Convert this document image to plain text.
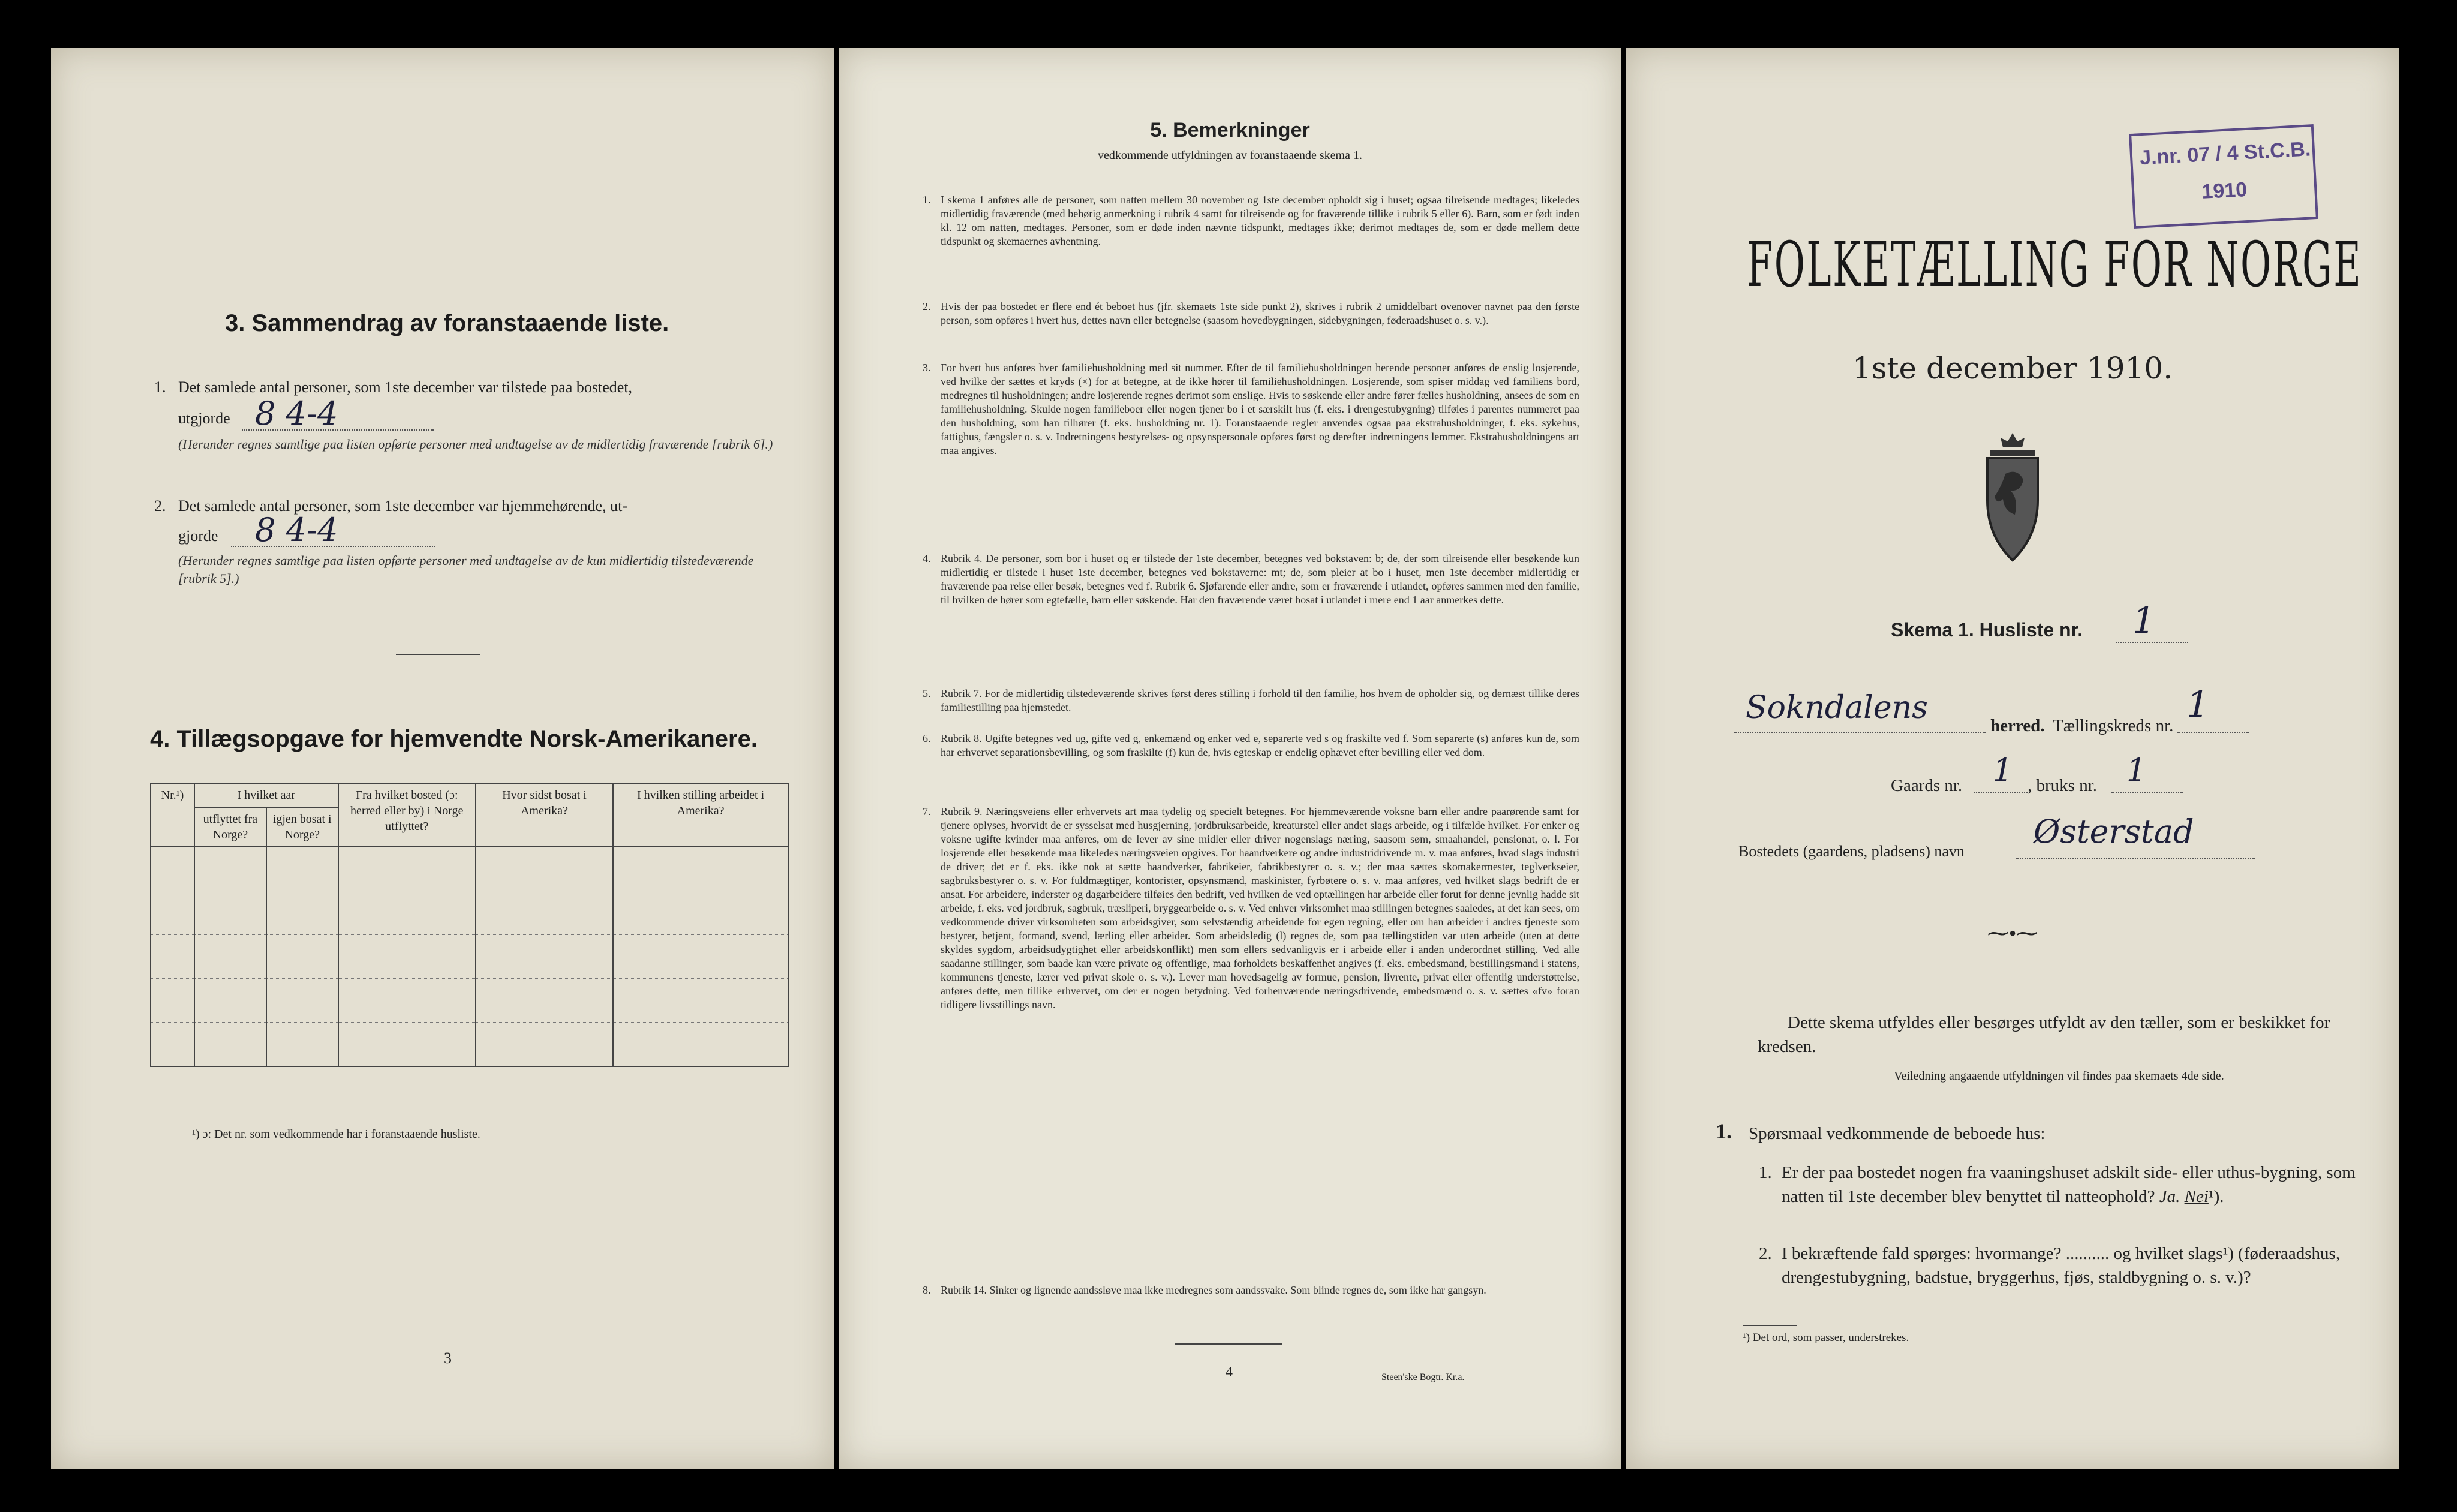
3. Sammendrag av foranstaaende liste.
1. Det samlede antal personer, som 1ste december var tilstede paa bostedet,
utgjorde 8 4-4
(Herunder regnes samtlige paa listen opførte personer med undtagelse av de midlertidig fraværende [rubrik 6].)
2. Det samlede antal personer, som 1ste december var hjemmehørende, ut-
gjorde 8 4-4
(Herunder regnes samtlige paa listen opførte personer med undtagelse av de kun midlertidig tilstedeværende [rubrik 5].)
4. Tillægsopgave for hjemvendte Norsk-Amerikanere.
Nr.¹)	I hvilket aar		Fra hvilket bosted (ɔ: herred eller by) i Norge utflyttet?	Hvor sidst bosat i Amerika?	I hvilken stilling arbeidet i Amerika?
	utflyttet fra Norge?	igjen bosat i Norge?			

¹) ɔ: Det nr. som vedkommende har i foranstaaende husliste.
3
5. Bemerkninger
vedkommende utfyldningen av foranstaaende skema 1.
1. I skema 1 anføres alle de personer, som natten mellem 30 november og 1ste december opholdt sig i huset; ogsaa tilreisende medtages; likeledes midlertidig fraværende (med behørig anmerkning i rubrik 4 samt for tilreisende og for fraværende tillike i rubrik 5 eller 6). Barn, som er født inden kl. 12 om natten, medtages. Personer, som er døde inden nævnte tidspunkt, medtages ikke; derimot medtages de, som er døde mellem dette tidspunkt og skemaernes avhentning.
2. Hvis der paa bostedet er flere end ét beboet hus (jfr. skemaets 1ste side punkt 2), skrives i rubrik 2 umiddelbart ovenover navnet paa den første person, som opføres i hvert hus, dettes navn eller betegnelse (saasom hovedbygningen, sidebygningen, føderaadshuset o. s. v.).
3. For hvert hus anføres hver familiehusholdning med sit nummer. Efter de til familiehusholdningen herende personer anføres de enslig losjerende, ved hvilke der sættes et kryds (×) for at betegne, at de ikke hører til familiehusholdningen. Losjerende, som spiser middag ved familiens bord, medregnes til husholdningen; andre losjerende regnes derimot som enslige. Hvis to søskende eller andre fører fælles husholdning, ansees de som en familiehusholdning. Skulde nogen familieboer eller nogen tjener bo i et særskilt hus (f. eks. i drengestubygning) tilføies i parentes nummeret paa den husholdning, som han tilhører (f. eks. husholdning nr. 1). Foranstaaende regler anvendes ogsaa paa ekstrahusholdninger, f. eks. sykehus, fattighus, fængsler o. s. v. Indretningens bestyrelses- og opsynspersonale opføres først og derefter indretningens lemmer. Ekstrahusholdningens art maa angives.
4. Rubrik 4. De personer, som bor i huset og er tilstede der 1ste december, betegnes ved bokstaven: b; de, der som tilreisende eller besøkende kun midlertidig er tilstede i huset 1ste december, betegnes ved bokstaverne: mt; de, som pleier at bo i huset, men 1ste december midlertidig er fraværende paa reise eller besøk, betegnes ved f. Rubrik 6. Sjøfarende eller andre, som er fraværende i utlandet, opføres sammen med den familie, til hvilken de hører som egtefælle, barn eller søskende. Har den fraværende været bosat i utlandet i mere end 1 aar anmerkes dette.
5. Rubrik 7. For de midlertidig tilstedeværende skrives først deres stilling i forhold til den familie, hos hvem de opholder sig, og dernæst tillike deres familiestilling paa hjemstedet.
6. Rubrik 8. Ugifte betegnes ved ug, gifte ved g, enkemænd og enker ved e, separerte ved s og fraskilte ved f. Som separerte (s) anføres kun de, som har erhvervet separationsbevilling, og som fraskilte (f) kun de, hvis egteskap er endelig ophævet efter bevilling eller ved dom.
7. Rubrik 9. Næringsveiens eller erhvervets art maa tydelig og specielt betegnes. For hjemmeværende voksne barn eller andre paarørende samt for tjenere oplyses, hvorvidt de er sysselsat med husgjerning, jordbruksarbeide, kreaturstel eller andet slags arbeide, og i tilfælde hvilket. For enker og voksne ugifte kvinder maa anføres, om de lever av sine midler eller driver nogenslags næring, saasom søm, smaahandel, pensionat, o. l. For losjerende eller besøkende maa likeledes næringsveien opgives. For haandverkere og andre industridrivende m. v. maa anføres, hvad slags industri de driver; det er f. eks. ikke nok at sætte haandverker, fabrikeier, fabrikbestyrer o. s. v.; der maa sættes skomakermester, teglverkseier, sagbruksbestyrer o. s. v. For fuldmægtiger, kontorister, opsynsmænd, maskinister, fyrbøtere o. s. v. maa anføres, ved hvilket slags bedrift de er ansat. For arbeidere, inderster og dagarbeidere tilføies den bedrift, ved hvilken de ved optællingen har arbeide eller forut for denne jevnlig hadde sit arbeide, f. eks. ved jordbruk, sagbruk, træsliperi, bryggearbeide o. s. v. Ved enhver virksomhet maa stillingen betegnes saaledes, at det kan sees, om vedkommende driver virksomheten som arbeidsgiver, som selvstændig arbeidende for egen regning, eller om han arbeider i andres tjeneste som bestyrer, betjent, formand, svend, lærling eller arbeider. Som arbeidsledig (l) regnes de, som paa tællingstiden var uten arbeide (uten at dette skyldes sygdom, arbeidsudygtighet eller arbeidskonflikt) men som ellers sedvanligvis er i arbeide eller i anden underordnet stilling. Ved alle saadanne stillinger, som baade kan være private og offentlige, maa forholdets beskaffenhet angives (f. eks. embedsmand, bestillingsmand i statens, kommunens tjeneste, lærer ved privat skole o. s. v.). Lever man hovedsagelig av formue, pension, livrente, privat eller offentlig understøttelse, anføres dette, men tillike erhvervet, om der er nogen betydning. Ved forhenværende næringsdrivende, embedsmænd o. s. v. sættes «fv» foran tidligere livsstillings navn.
8. Rubrik 14. Sinker og lignende aandssløve maa ikke medregnes som aandssvake. Som blinde regnes de, som ikke har gangsyn.
4	Steen'ske Bogtr. Kr.a.
J.nr. 07 / 4 St.C.B.
1910
FOLKETÆLLING FOR NORGE
1ste december 1910.
Skema 1. Husliste nr. 1
Sokndalens	herred. Tællingskreds nr. 1
Gaards nr. 1 , bruks nr. 1
Bostedets (gaardens, pladsens) navn
Østerstad
⁓•⁓
Dette skema utfyldes eller besørges utfyldt av den tæller, som er beskikket for kredsen.
Veiledning angaaende utfyldningen vil findes paa skemaets 4de side.
1. Spørsmaal vedkommende de beboede hus:
1. Er der paa bostedet nogen fra vaaningshuset adskilt side- eller uthus-bygning, som natten til 1ste december blev benyttet til natteophold? Ja. Nei¹).
2. I bekræftende fald spørges: hvormange? .......... og hvilket slags¹) (føderaadshus, drengestubygning, badstue, bryggerhus, fjøs, staldbygning o. s. v.)?
¹) Det ord, som passer, understrekes.
